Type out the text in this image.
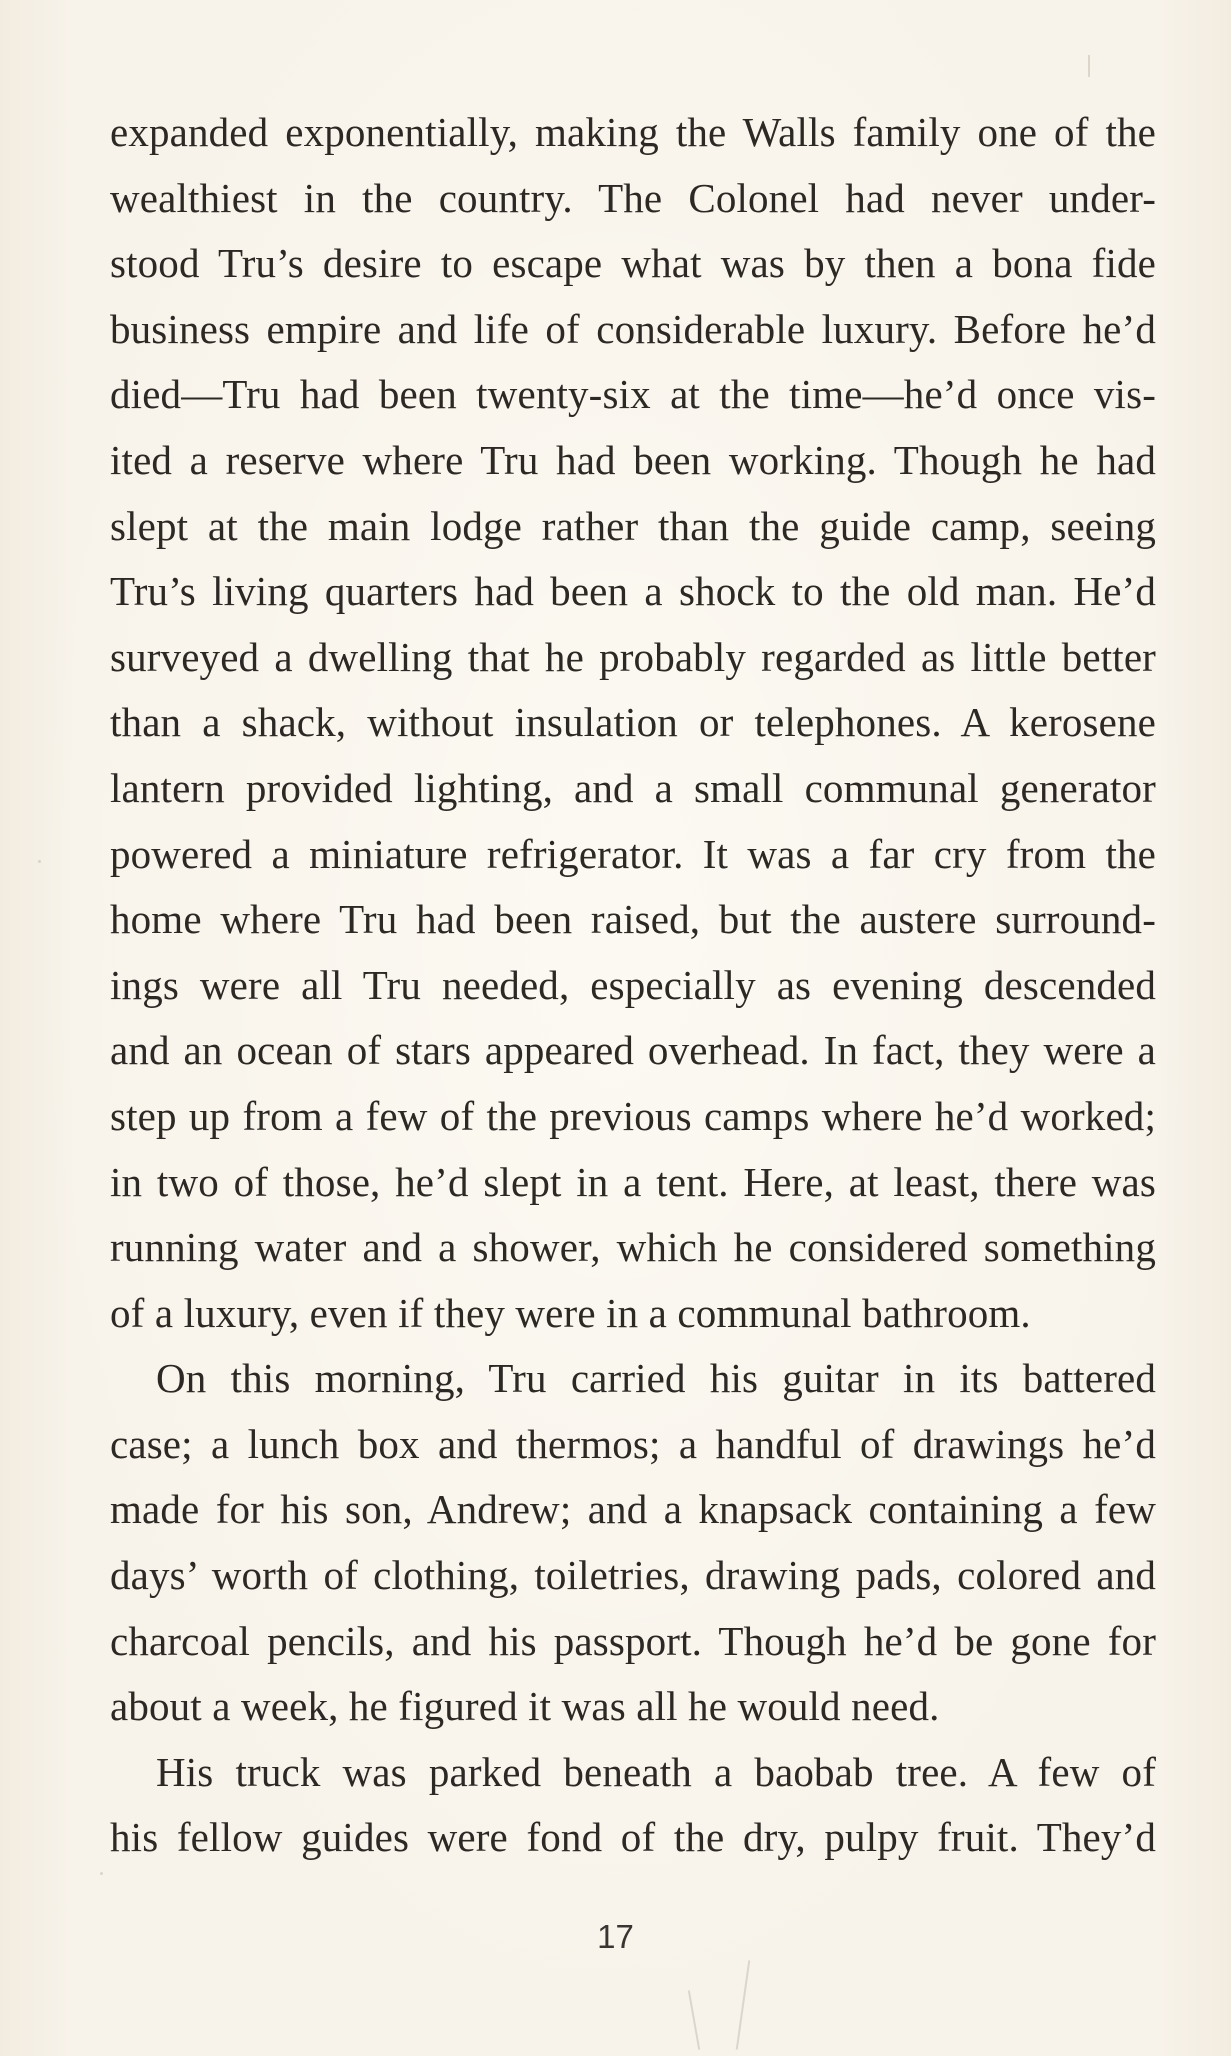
expanded exponentially, making the Walls family one of the
wealthiest in the country. The Colonel had never under-
stood Tru’s desire to escape what was by then a bona fide
business empire and life of considerable luxury. Before he’d
died—Tru had been twenty-six at the time—he’d once vis-
ited a reserve where Tru had been working. Though he had
slept at the main lodge rather than the guide camp, seeing
Tru’s living quarters had been a shock to the old man. He’d
surveyed a dwelling that he probably regarded as little better
than a shack, without insulation or telephones. A kerosene
lantern provided lighting, and a small communal generator
powered a miniature refrigerator. It was a far cry from the
home where Tru had been raised, but the austere surround-
ings were all Tru needed, especially as evening descended
and an ocean of stars appeared overhead. In fact, they were a
step up from a few of the previous camps where he’d worked;
in two of those, he’d slept in a tent. Here, at least, there was
running water and a shower, which he considered something
of a luxury, even if they were in a communal bathroom.
On this morning, Tru carried his guitar in its battered
case; a lunch box and thermos; a handful of drawings he’d
made for his son, Andrew; and a knapsack containing a few
days’ worth of clothing, toiletries, drawing pads, colored and
charcoal pencils, and his passport. Though he’d be gone for
about a week, he figured it was all he would need.
His truck was parked beneath a baobab tree. A few of
his fellow guides were fond of the dry, pulpy fruit. They’d
17
